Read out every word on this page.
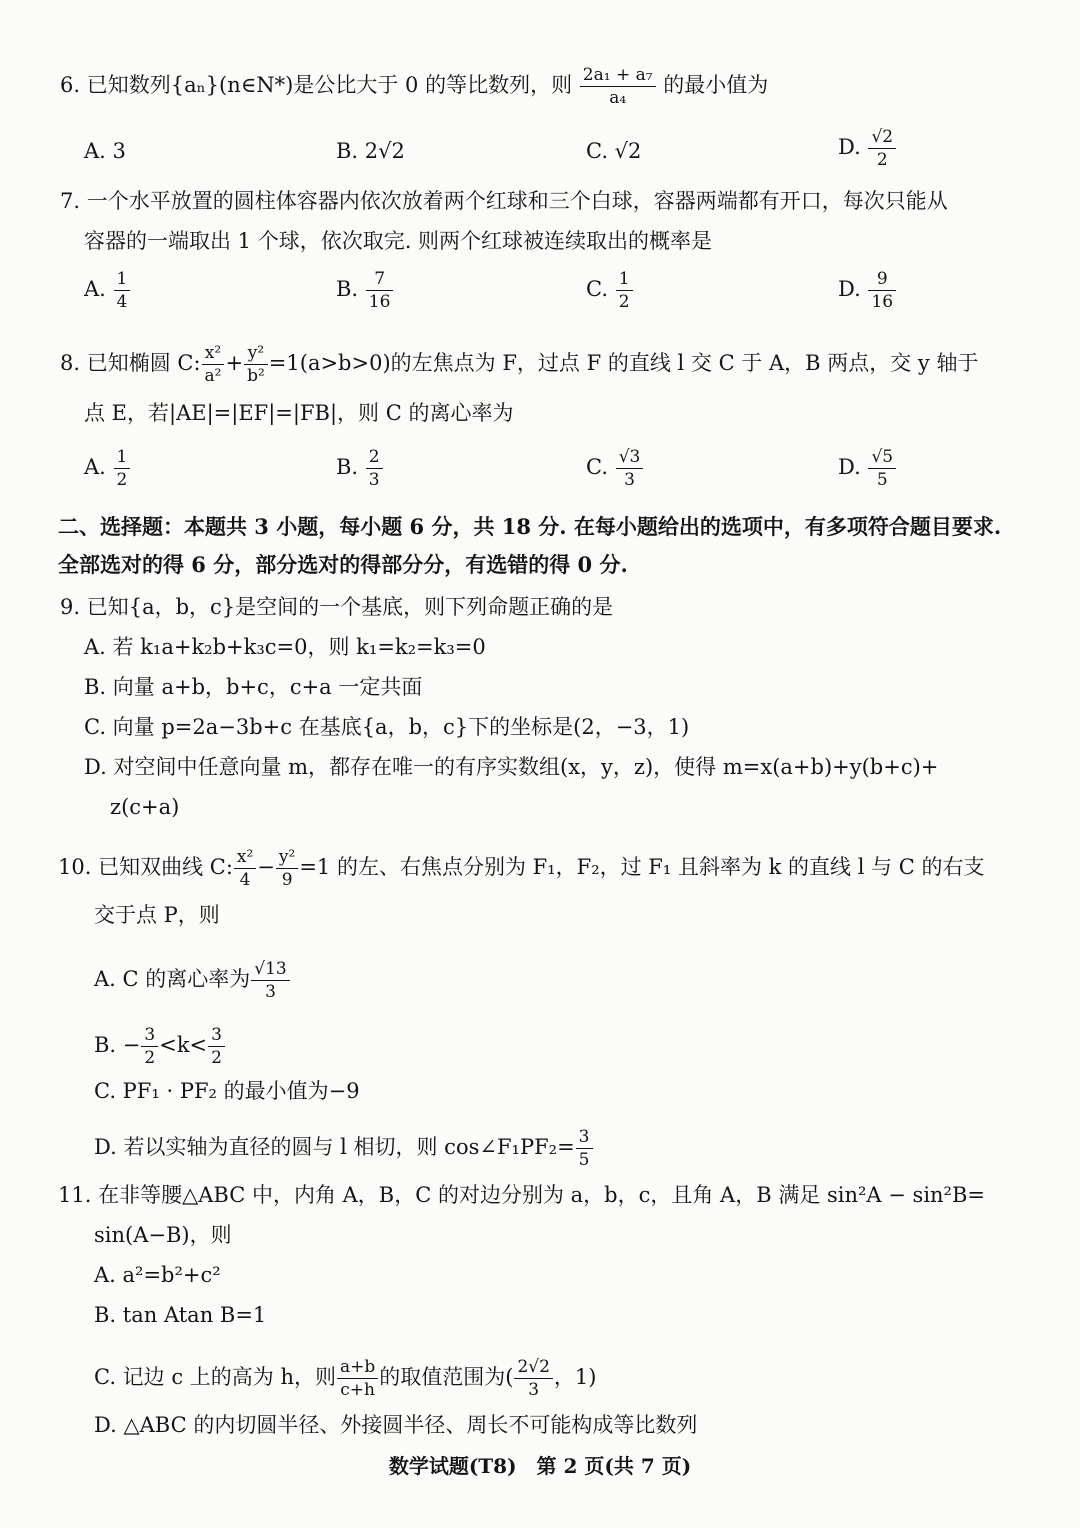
6. 已知数列{aₙ}(n∈N*)是公比大于 0 的等比数列，则 $\frac{\text{2a₁ + a₇}}{\text{a₄}}$ 的最小值为
A. 3	B. 2√2	C. √2	D. $\frac{√2}{2}$
7. 一个水平放置的圆柱体容器内依次放着两个红球和三个白球，容器两端都有开口，每次只能从
容器的一端取出 1 个球，依次取完. 则两个红球被连续取出的概率是
A. $\frac{1}{4}$	B. $\frac{7}{16}$	C. $\frac{1}{2}$	D. $\frac{9}{16}$
8. 已知椭圆 C: $\frac{\text{x²}}{\text{a²}} + \frac{\text{y²}}{\text{b²}} =1(a>b>0)$的左焦点为 F，过点 F 的直线 l 交 C 于 A，B 两点，交 y 轴于
点 E，若|AE|=|EF|=|FB|，则 C 的离心率为
A. $\frac{1}{2}$	B. $\frac{2}{3}$	C. $\frac{√3}{3}$	D. $\frac{√5}{5}$
二、选择题：本题共 3 小题，每小题 6 分，共 18 分. 在每小题给出的选项中，有多项符合题目要求.
全部选对的得 6 分，部分选对的得部分分，有选错的得 0 分.
9. 已知{a，b，c}是空间的一个基底，则下列命题正确的是
A. 若 k₁a+k₂b+k₃c=0，则 k₁=k₂=k₃=0
B. 向量 a+b，b+c，c+a 一定共面
C. 向量 p=2a−3b+c 在基底{a，b，c}下的坐标是(2，−3，1)
D. 对空间中任意向量 m，都存在唯一的有序实数组(x，y，z)，使得 m=x(a+b)+y(b+c)+
z(c+a)
10. 已知双曲线 C: $\frac{\text{x²}}{4} - \frac{\text{y²}}{9} =1$ 的左、右焦点分别为 F₁，F₂，过 F₁ 且斜率为 k 的直线 l 与 C 的右支
交于点 P，则
A. C 的离心率为 $\frac{√13}{3}$
B. − $\frac{3}{2} <k< \frac{3}{2}$
C. PF₁ · PF₂ 的最小值为−9
D. 若以实轴为直径的圆与 l 相切，则 cos∠F₁PF₂= $\frac{3}{5}$
11. 在非等腰△ABC 中，内角 A，B，C 的对边分别为 a，b，c，且角 A，B 满足 sin²A − sin²B=
sin(A−B)，则
A. a²=b²+c²
B. tan Atan B=1
C. 记边 c 上的高为 h，则 $\frac{a+b}{c+h}$ 的取值范围为( $\frac{2√2}{3}$ ，1)
D. △ABC 的内切圆半径、外接圆半径、周长不可能构成等比数列
数学试题(T8)　第 2 页(共 7 页)
